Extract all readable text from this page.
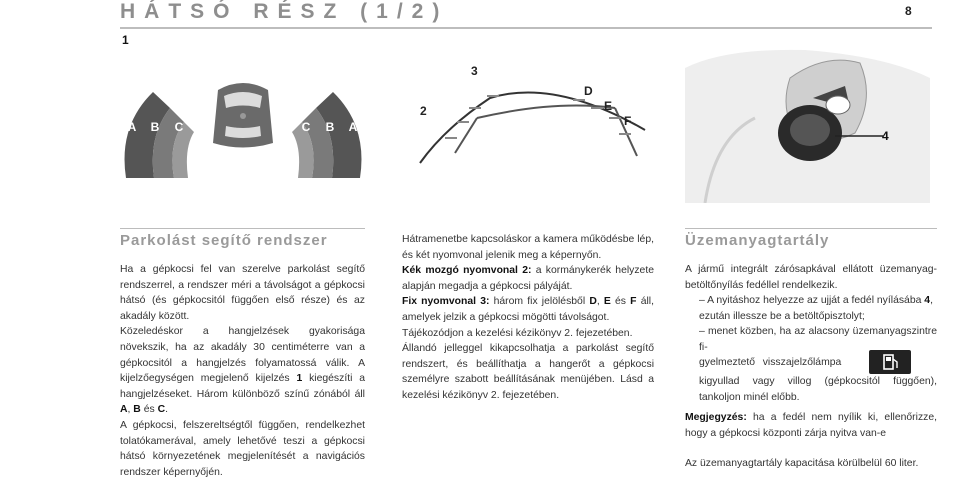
HÁTSÓ RÉSZ (1/2)	8
1
A B C	C B A
2
3
D
E
F
4
Parkolást segítő rendszer

Ha a gépkocsi fel van szerelve parkolást segítő rendszerrel, a rendszer méri a távolságot a gépkocsi hátsó (és gépkocsitól függően első része) és az akadály között.

Közeledéskor a hangjelzések gyakorisága növekszik, ha az akadály 30 centiméterre van a gépkocsitól a hangjelzés folyamatossá válik. A kijelzőegységen megjelenő kijelzés 1 kiegészíti a hangjelzéseket. Három különböző színű zónából áll A, B és C.

A gépkocsi, felszereltségtől függően, rendelkezhet tolatókamerával, amely lehetővé teszi a gépkocsi hátsó környezetének megjelenítését a navigációs rendszer képernyőjén.

Hátramenetbe kapcsoláskor a kamera működésbe lép, és két nyomvonal jelenik meg a képernyőn.

Kék mozgó nyomvonal 2: a kormánykerék helyzete alapján megadja a gépkocsi pályáját.

Fix nyomvonal 3: három fix jelölésből D, E és F áll, amelyek jelzik a gépkocsi mögötti távolságot.

Tájékozódjon a kezelési kézikönyv 2. fejezetében.

Állandó jelleggel kikapcsolhatja a parkolást segítő rendszert, és beállíthatja a hangerőt a gépkocsi személyre szabott beállításának menüjében. Lásd a kezelési kézikönyv 2. fejezetében.

Üzemanyagtartály

A jármű integrált zárósapkával ellátott üzemanyag-betöltőnyílás fedéllel rendelkezik.

– A nyitáshoz helyezze az ujját a fedél nyílásába 4,
ezután illessze be a betöltőpisztolyt;

– menet közben, ha az alacsony üzemanyagszintre fi-

gyelmeztető visszajelzőlámpa  kigyullad vagy villog (gépkocsitól függően), tankoljon minél előbb.
Megjegyzés: ha a fedél nem nyílik ki, ellenőrizze, hogy a gépkocsi központi zárja nyitva van-e
Az üzemanyagtartály kapacitása körülbelül 60 liter.
